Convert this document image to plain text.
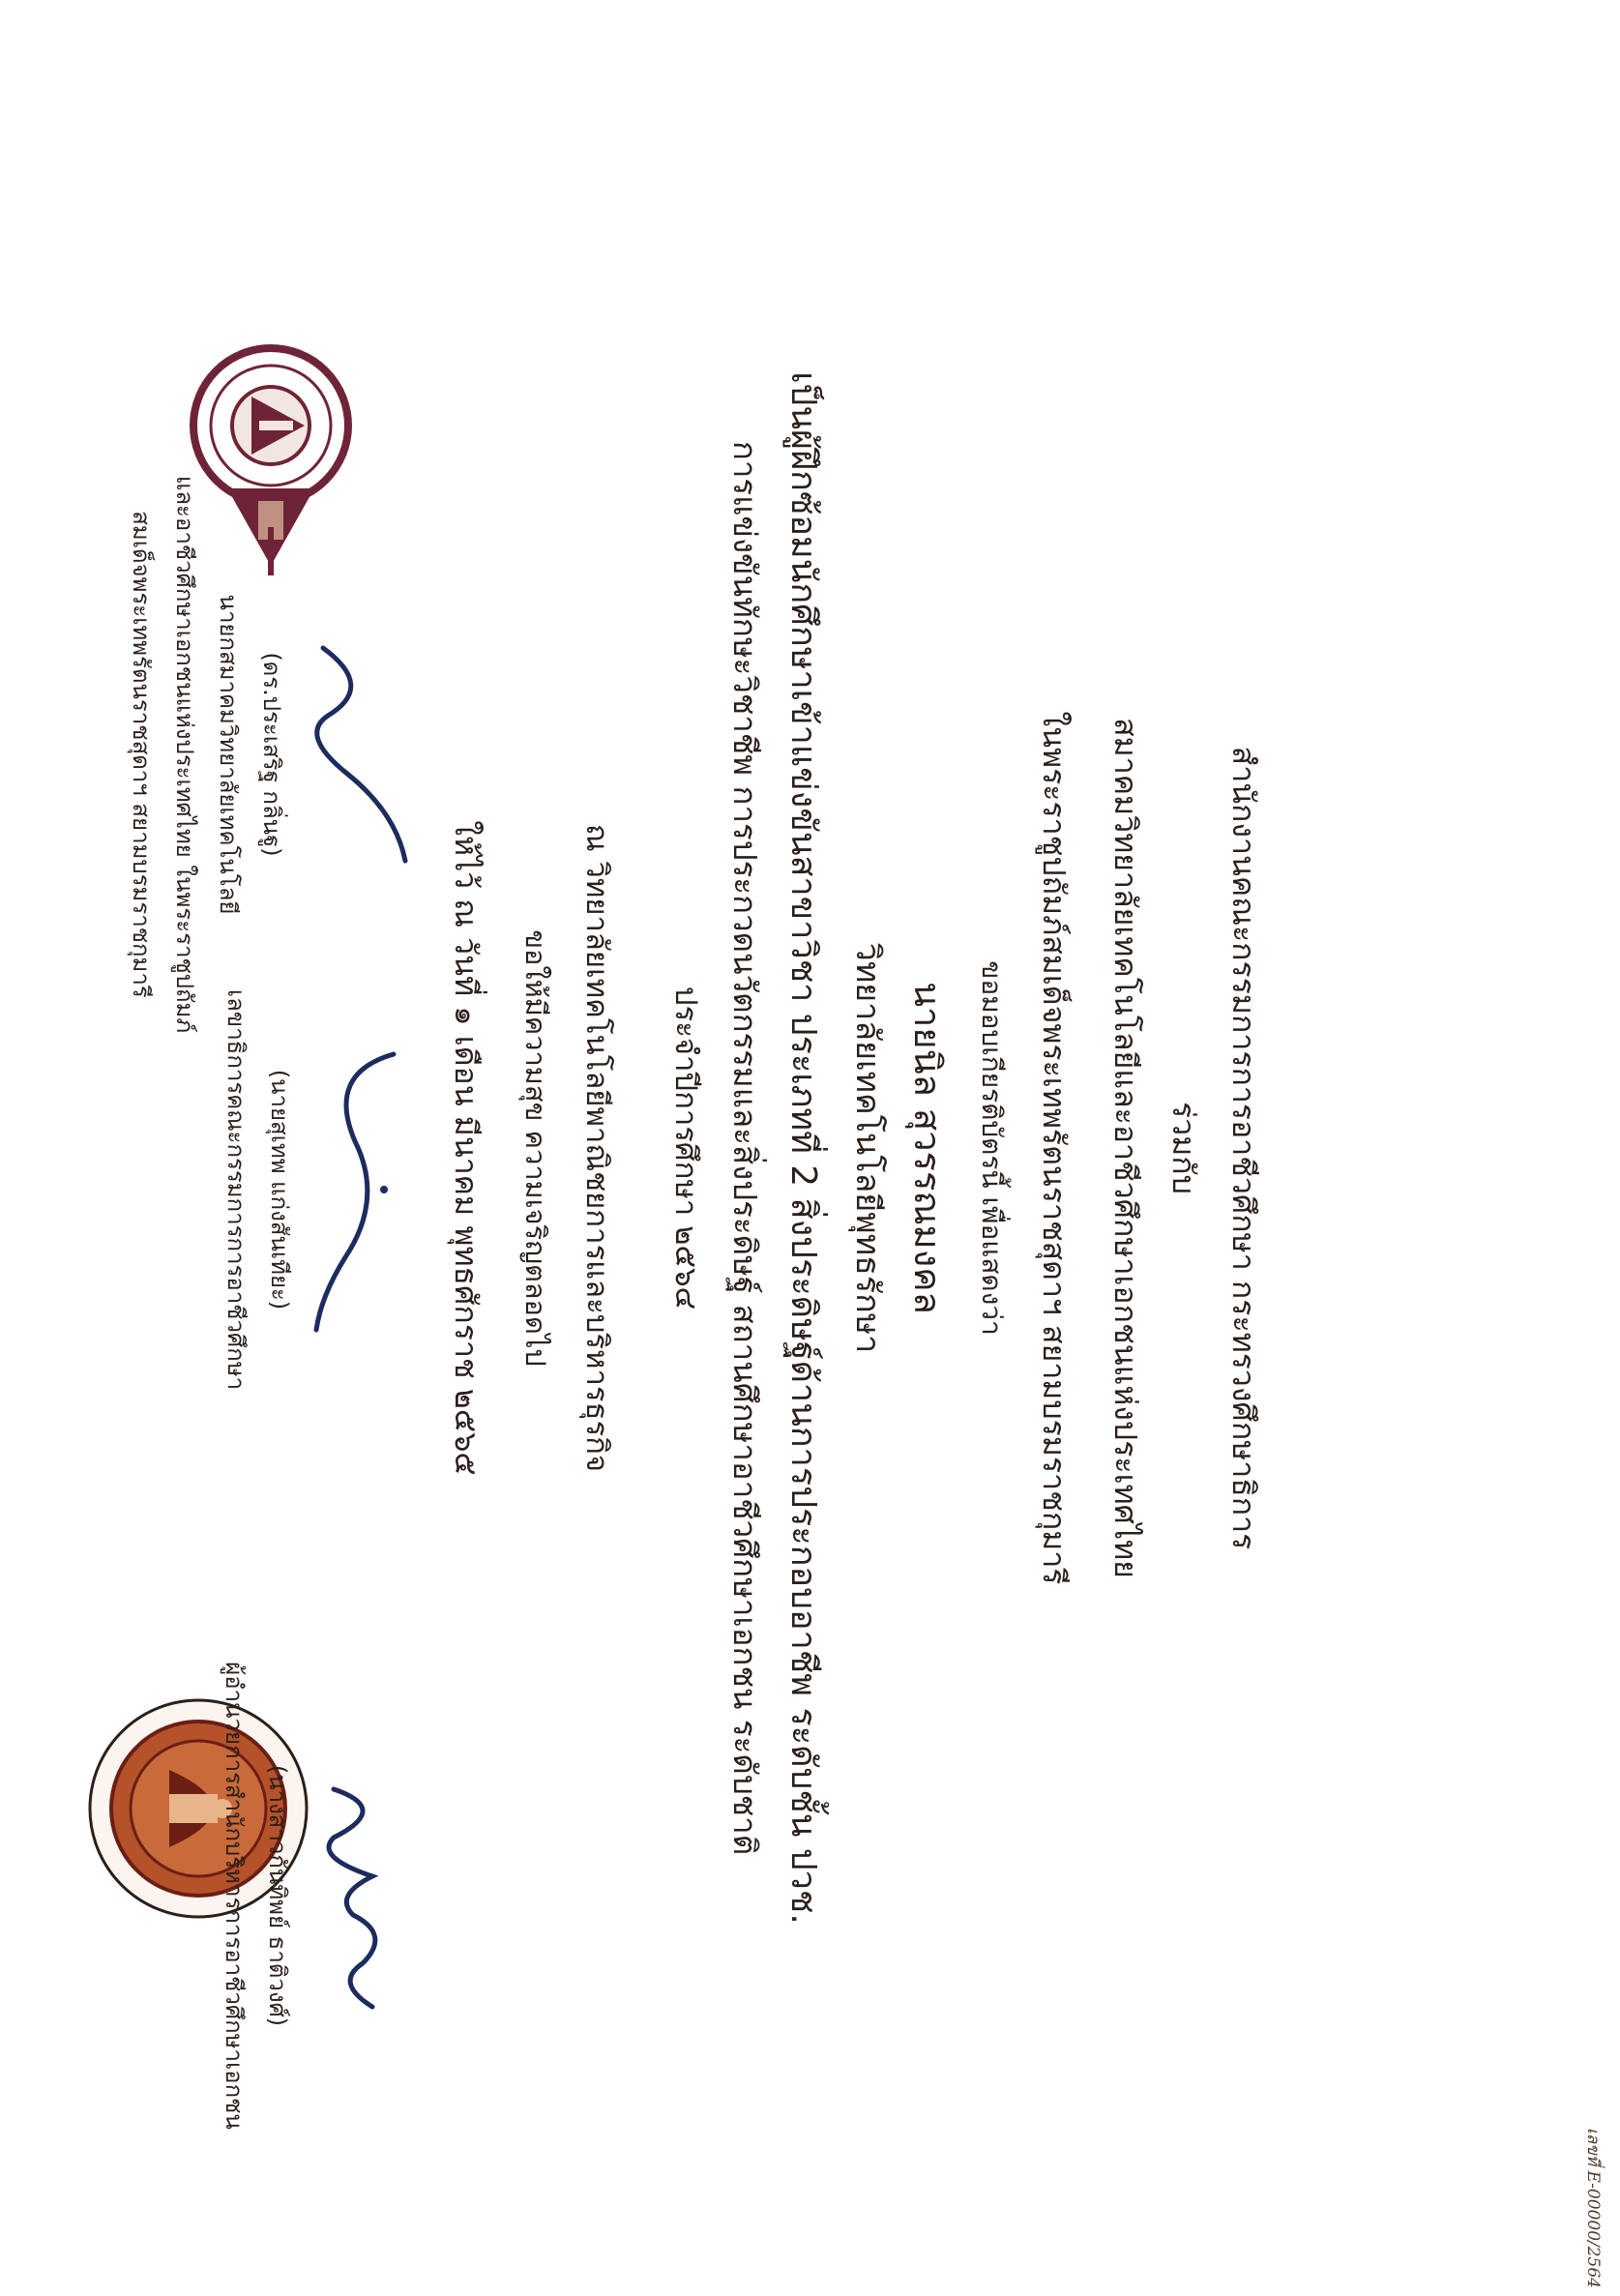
เลขที่ E-00000/2564
สำนักงานคณะกรรมการการอาชีวศึกษา กระทรวงศึกษาธิการ
ร่วมกับ
สมาคมวิทยาลัยเทคโนโลยีและอาชีวศึกษาเอกชนแห่งประเทศไทย
ในพระราชูปถัมภ์สมเด็จพระเทพรัตนราชสุดาฯ สยามบรมราชกุมารี
ขอมอบเกียรติบัตรนี้ เพื่อแสดงว่า
นายนิล สุวรรณมงคล
วิทยาลัยเทคโนโลยีพุทธรักษา
เป็นผู้ฝึกซ้อมนักศึกษาเข้าแข่งขันสาขาวิชา ประเภทที่ 2 สิ่งประดิษฐ์ด้านการประกอบอาชีพ ระดับชั้น ปวช.
การแข่งขันทักษะวิชาชีพ การประกวดนวัตกรรมและสิ่งประดิษฐ์ สถานศึกษาอาชีวศึกษาเอกชน ระดับชาติ
ประจำปีการศึกษา ๒๕๖๔
ณ วิทยาลัยเทคโนโลยีพาณิชยการและบริหารธุรกิจ
ขอให้มีความสุข ความเจริญตลอดไป
ให้ไว้ ณ วันที่ ๑ เดือน มีนาคม พุทธศักราช ๒๕๖๕
(ดร.ประเสริฐ กลิ่นฐู)
นายกสมาคมวิทยาลัยเทคโนโลยี
และอาชีวศึกษาเอกชนแห่งประเทศไทย ในพระราชูปถัมภ์
สมเด็จพระเทพรัตนราชสุดาฯ สยามบรมราชกุมารี
(นายสุเทพ แก่งสันเทียะ)
เลขาธิการคณะกรรมการการอาชีวศึกษา
(นางสาวกันทิพย์ ธาติวงศ์)
ผู้อำนวยการสำนักบริหารการอาชีวศึกษาเอกชน
